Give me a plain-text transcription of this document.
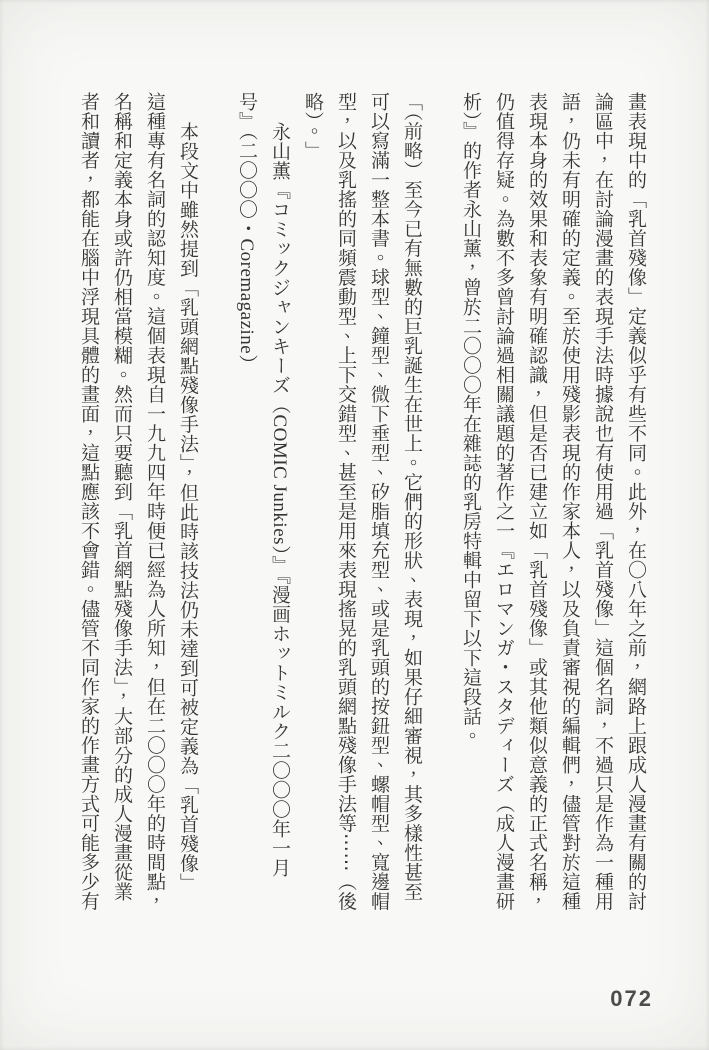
畫表現中的「乳首殘像」定義似乎有些不同。此外，在〇八年之前，網路上跟成人漫畫有關的討
論區中，在討論漫畫的表現手法時據說也有使用過「乳首殘像」這個名詞，不過只是作為一種用
語，仍未有明確的定義。至於使用殘影表現的作家本人，以及負責審視的編輯們，儘管對於這種
表現本身的效果和表象有明確認識，但是否已建立如「乳首殘像」或其他類似意義的正式名稱，
仍值得存疑。為數不多曾討論過相關議題的著作之一『エロマンガ・スタディーズ（成人漫畫研
析）』的作者永山薰，曾於二〇〇〇年在雜誌的乳房特輯中留下以下這段話。
「（前略）至今已有無數的巨乳誕生在世上。它們的形狀、表現，如果仔細審視，其多樣性甚至
可以寫滿一整本書。球型、鐘型、微下垂型、矽脂填充型、或是乳頭的按鈕型、螺帽型、寬邊帽
型，以及乳搖的同頻震動型、上下交錯型、甚至是用來表現搖晃的乳頭網點殘像手法等⋯⋯（後
略）。」
永山薫『コミックジャンキーズ（COMIC Junkies）』『漫画ホットミルク二〇〇〇年一月
号』（二〇〇〇・Coremagazine）
本段文中雖然提到「乳頭網點殘像手法」，但此時該技法仍未達到可被定義為「乳首殘像」
這種專有名詞的認知度。這個表現自一九九四年時便已經為人所知，但在二〇〇〇年的時間點，
名稱和定義本身或許仍相當模糊。然而只要聽到「乳首網點殘像手法」，大部分的成人漫畫從業
者和讀者，都能在腦中浮現具體的畫面，這點應該不會錯。儘管不同作家的作畫方式可能多少有
072
